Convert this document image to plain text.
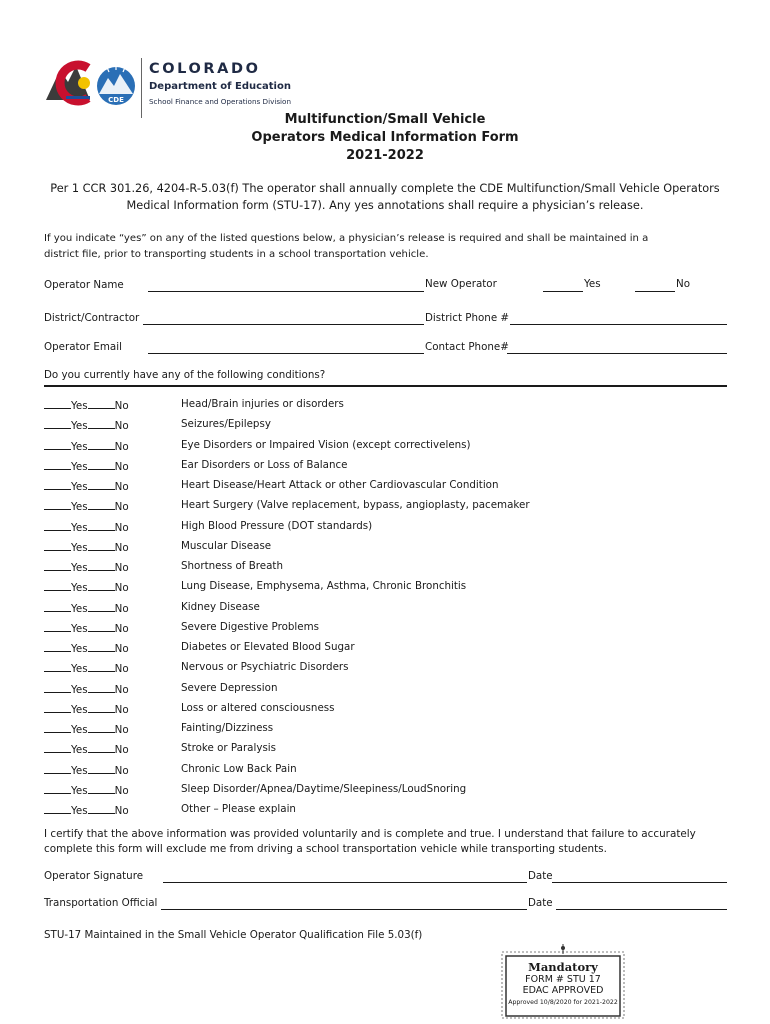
CDE
COLORADO
Department of Education
School Finance and Operations Division
Multifunction/Small Vehicle
Operators Medical Information Form
2021-2022
Per 1 CCR 301.26, 4204-R-5.03(f) The operator shall annually complete the CDE Multifunction/Small Vehicle Operators
Medical Information form (STU-17). Any yes annotations shall require a physician’s release.
If you indicate “yes” on any of the listed questions below, a physician’s release is required and shall be maintained in a
district file, prior to transporting students in a school transportation vehicle.
Operator Name	New Operator	Yes	No
District/Contractor	District Phone #
Operator Email	Contact Phone#
Do you currently have any of the following conditions?
Yes	No	Head/Brain injuries or disorders
Yes	No	Seizures/Epilepsy
Yes	No	Eye Disorders or Impaired Vision (except correctivelens)
Yes	No	Ear Disorders or Loss of Balance
Yes	No	Heart Disease/Heart Attack or other Cardiovascular Condition
Yes	No	Heart Surgery (Valve replacement, bypass, angioplasty, pacemaker
Yes	No	High Blood Pressure (DOT standards)
Yes	No	Muscular Disease
Yes	No	Shortness of Breath
Yes	No	Lung Disease, Emphysema, Asthma, Chronic Bronchitis
Yes	No	Kidney Disease
Yes	No	Severe Digestive Problems
Yes	No	Diabetes or Elevated Blood Sugar
Yes	No	Nervous or Psychiatric Disorders
Yes	No	Severe Depression
Yes	No	Loss or altered consciousness
Yes	No	Fainting/Dizziness
Yes	No	Stroke or Paralysis
Yes	No	Chronic Low Back Pain
Yes	No	Sleep Disorder/Apnea/Daytime/Sleepiness/LoudSnoring
Yes	No	Other – Please explain
I certify that the above information was provided voluntarily and is complete and true. I understand that failure to accurately
complete this form will exclude me from driving a school transportation vehicle while transporting students.
Operator Signature	Date
Transportation Official	Date
STU-17 Maintained in the Small Vehicle Operator Qualification File 5.03(f)
Mandatory
FORM # STU 17
EDAC APPROVED
Approved 10/8/2020 for 2021-2022
